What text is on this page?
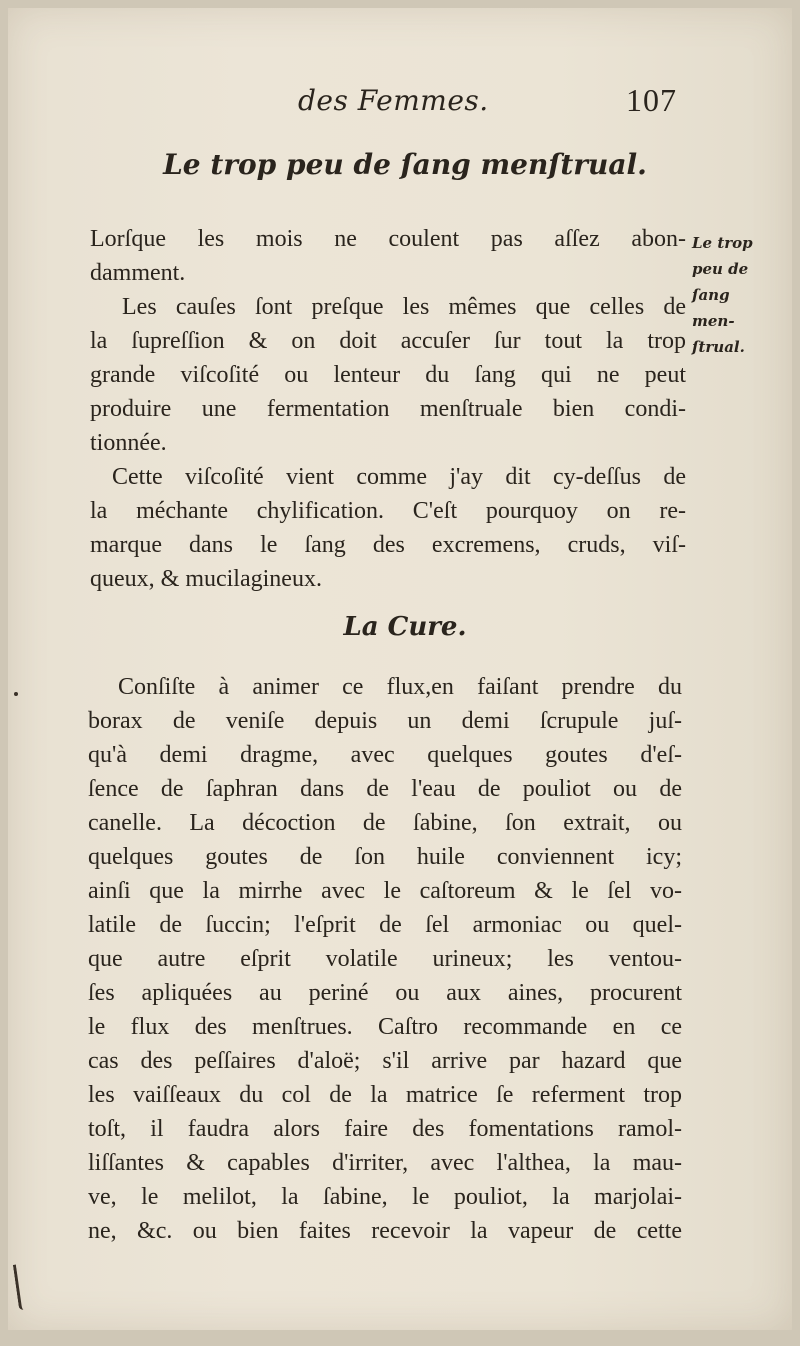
des Femmes.	107
Le trop peu de ſang menſtrual.
Lorſque les mois ne coulent pas aſſez abon-
damment.
Les cauſes ſont preſque les mêmes que celles de
la ſupreſſion & on doit accuſer ſur tout la trop
grande viſcoſité ou lenteur du ſang qui ne peut
produire une fermentation menſtruale bien condi-
tionnée.
Cette viſcoſité vient comme j'ay dit cy-deſſus de
la méchante chylification. C'eſt pourquoy on re-
marque dans le ſang des excremens, cruds, viſ-
queux, & mucilagineux.
Le trop
peu de
ſang
men-
ſtrual.
La Cure.
Conſiſte à animer ce flux,en faiſant prendre du
borax de veniſe depuis un demi ſcrupule juſ-
qu'à demi dragme, avec quelques goutes d'eſ-
ſence de ſaphran dans de l'eau de pouliot ou de
canelle. La décoction de ſabine, ſon extrait, ou
quelques goutes de ſon huile conviennent icy;
ainſi que la mirrhe avec le caſtoreum & le ſel vo-
latile de ſuccin; l'eſprit de ſel armoniac ou quel-
que autre eſprit volatile urineux; les ventou-
ſes apliquées au periné ou aux aines, procurent
le flux des menſtrues. Caſtro recommande en ce
cas des peſſaires d'aloë; s'il arrive par hazard que
les vaiſſeaux du col de la matrice ſe referment trop
toſt, il faudra alors faire des fomentations ramol-
liſſantes & capables d'irriter, avec l'althea, la mau-
ve, le melilot, la ſabine, le pouliot, la marjolai-
ne, &c. ou bien faites recevoir la vapeur de cette
